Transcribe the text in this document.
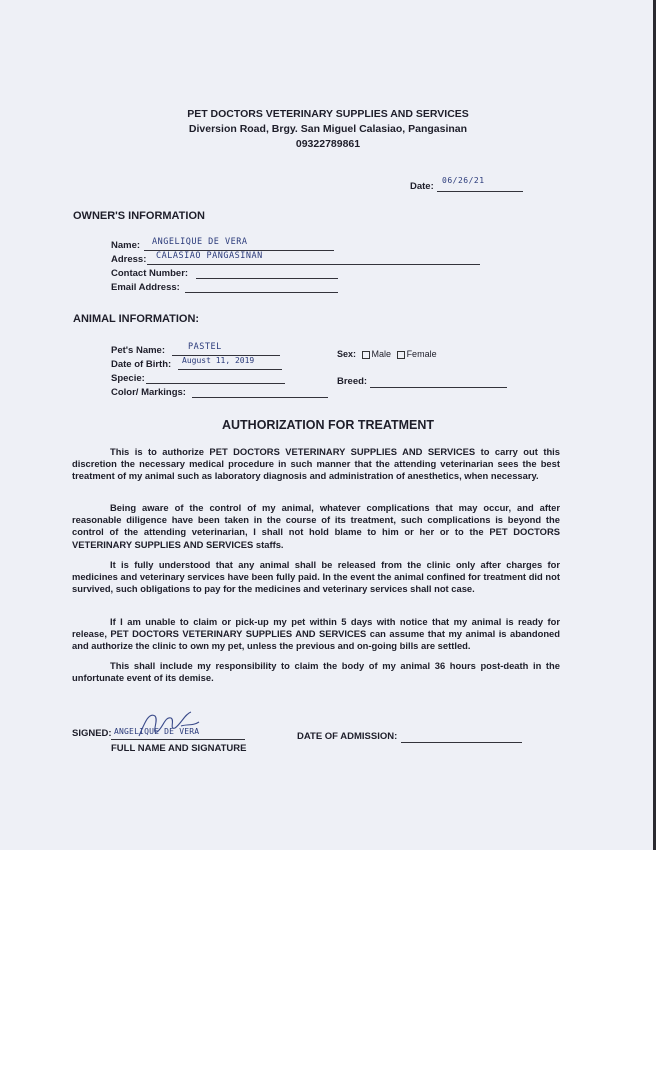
PET DOCTORS VETERINARY SUPPLIES AND SERVICES
Diversion Road, Brgy. San Miguel Calasiao, Pangasinan
09322789861
Date:
06/26/21
OWNER'S INFORMATION
Name: ANGELIQUE DE VERA
Adress: CALASIAO PANGASINAN
Contact Number:
Email Address:
ANIMAL INFORMATION:
Pet's Name:	PASTEL
Date of Birth: August 11, 2019
Specie:
Color/ Markings:
Sex: Male Female
Breed:
AUTHORIZATION FOR TREATMENT

This is to authorize PET DOCTORS VETERINARY SUPPLIES AND SERVICES to carry out this discretion the necessary medical procedure in such manner that the attending veterinarian sees the best treatment of my animal such as laboratory diagnosis and administration of anesthetics, when necessary.

Being aware of the control of my animal, whatever complications that may occur, and after reasonable diligence have been taken in the course of its treatment, such complications is beyond the control of the attending veterinarian, I shall not hold blame to him or her or to the PET DOCTORS VETERINARY SUPPLIES AND SERVICES staffs.

It is fully understood that any animal shall be released from the clinic only after charges for medicines and veterinary services have been fully paid. In the event the animal confined for treatment did not survived, such obligations to pay for the medicines and veterinary services shall not case.

If I am unable to claim or pick-up my pet within 5 days with notice that my animal is ready for release, PET DOCTORS VETERINARY SUPPLIES AND SERVICES can assume that my animal is abandoned and authorize the clinic to own my pet, unless the previous and on-going bills are settled.

This shall include my responsibility to claim the body of my animal 36 hours post-death in the unfortunate event of its demise.

SIGNED: ANGELIQUE DE VERA
FULL NAME AND SIGNATURE
DATE OF ADMISSION:
